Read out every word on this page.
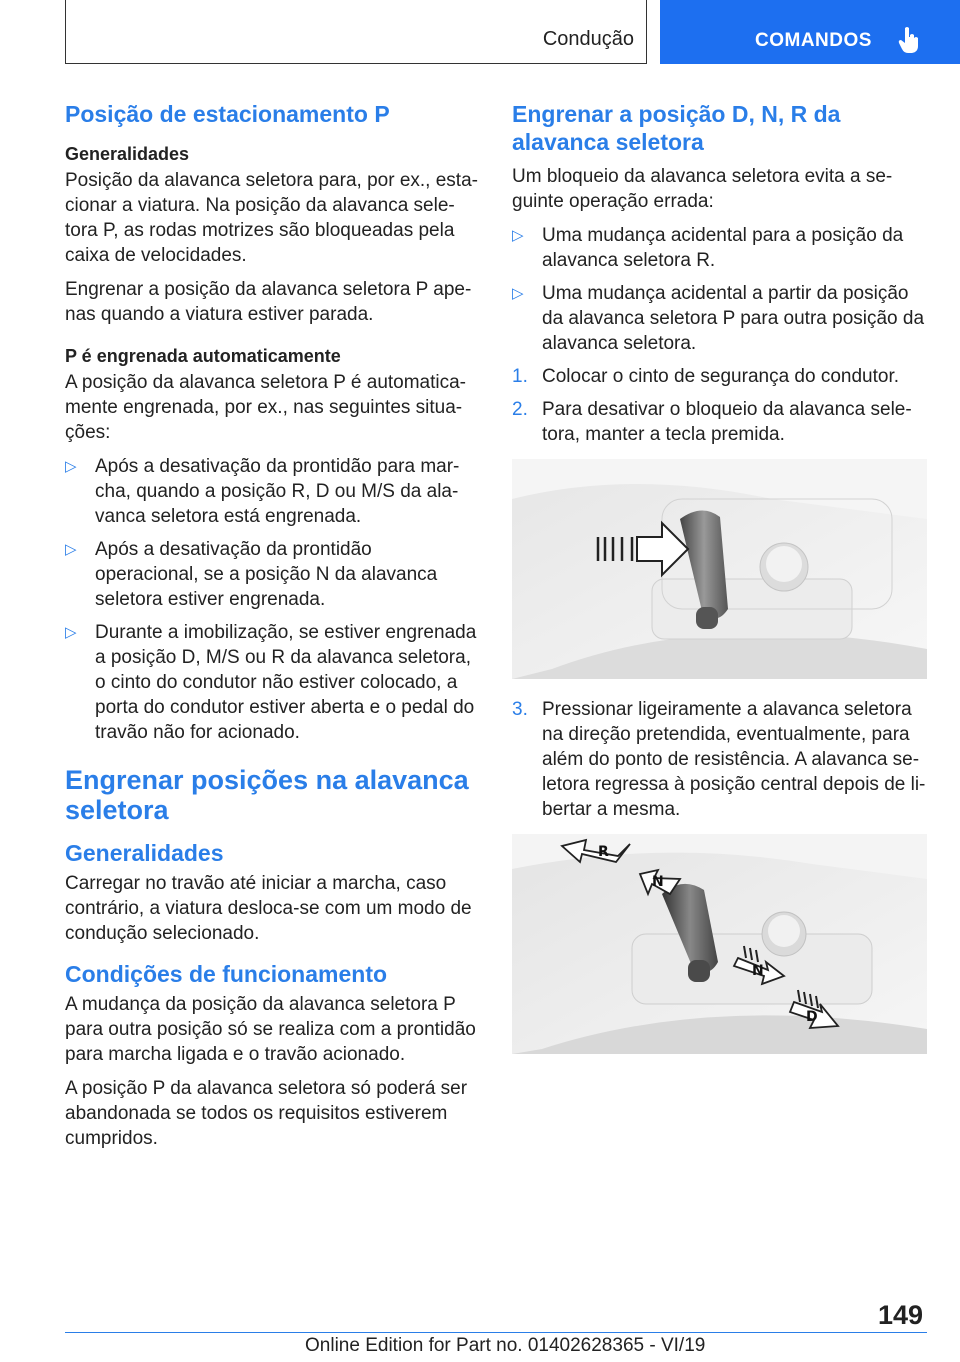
Condução	COMANDOS
Posição de estacionamento P
Generalidades

Posição da alavanca seletora para, por ex., esta-cionar a viatura. Na posição da alavanca sele-tora P, as rodas motrizes são bloqueadas pela caixa de velocidades.

Engrenar a posição da alavanca seletora P ape-nas quando a viatura estiver parada.

P é engrenada automaticamente

A posição da alavanca seletora P é automatica-mente engrenada, por ex., nas seguintes situa-ções:

▷ Após a desativação da prontidão para mar-cha, quando a posição R, D ou M/S da ala-vanca seletora está engrenada.
▷ Após a desativação da prontidão operacional, se a posição N da alavanca seletora estiver engrenada.
▷ Durante a imobilização, se estiver engrenada a posição D, M/S ou R da alavanca seletora, o cinto do condutor não estiver colocado, a porta do condutor estiver aberta e o pedal do travão não for acionado.
Engrenar posições na alavanca seletora
Generalidades

Carregar no travão até iniciar a marcha, caso contrário, a viatura desloca-se com um modo de condução selecionado.

Condições de funcionamento

A mudança da posição da alavanca seletora P para outra posição só se realiza com a prontidão para marcha ligada e o travão acionado.

A posição P da alavanca seletora só poderá ser abandonada se todos os requisitos estiverem cumpridos.

Engrenar a posição D, N, R da alavanca seletora

Um bloqueio da alavanca seletora evita a se-guinte operação errada:

▷ Uma mudança acidental para a posição da alavanca seletora R.
▷ Uma mudança acidental a partir da posição da alavanca seletora P para outra posição da alavanca seletora.
1. Colocar o cinto de segurança do condutor.
2. Para desativar o bloqueio da alavanca sele-tora, manter a tecla premida.
3. Pressionar ligeiramente a alavanca seletora na direção pretendida, eventualmente, para além do ponto de resistência. A alavanca se-letora regressa à posição central depois de li-bertar a mesma.
R
N
N
D
149
Online Edition for Part no. 01402628365 - VI/19
